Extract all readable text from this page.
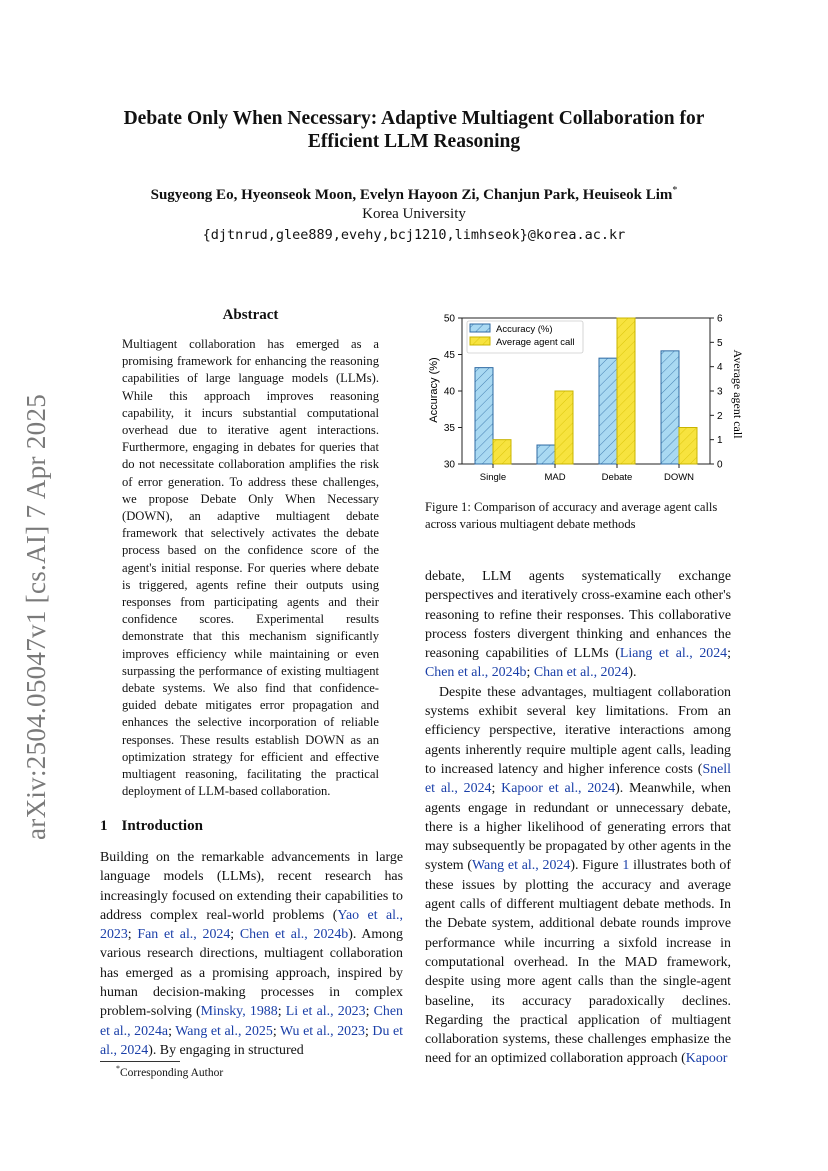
arXiv:2504.05047v1 [cs.AI] 7 Apr 2025
Debate Only When Necessary: Adaptive Multiagent Collaboration for
Efficient LLM Reasoning
Sugyeong Eo, Hyeonseok Moon, Evelyn Hayoon Zi, Chanjun Park, Heuiseok Lim*
Korea University
{djtnrud,glee889,evehy,bcj1210,limhseok}@korea.ac.kr
Abstract
Multiagent collaboration has emerged as a promising framework for enhancing the reasoning capabilities of large language models (LLMs). While this approach improves reasoning capability, it incurs substantial computational overhead due to iterative agent interactions. Furthermore, engaging in debates for queries that do not necessitate collaboration amplifies the risk of error generation. To address these challenges, we propose Debate Only When Necessary (DOWN), an adaptive multiagent debate framework that selectively activates the debate process based on the confidence score of the agent's initial response. For queries where debate is triggered, agents refine their outputs using responses from participating agents and their confidence scores. Experimental results demonstrate that this mechanism significantly improves efficiency while maintaining or even surpassing the performance of existing multiagent debate systems. We also find that confidence-guided debate mitigates error propagation and enhances the selective incorporation of reliable responses. These results establish DOWN as an optimization strategy for efficient and effective multiagent reasoning, facilitating the practical deployment of LLM-based collaboration.
1 Introduction
Building on the remarkable advancements in large language models (LLMs), recent research has increasingly focused on extending their capabilities to address complex real-world problems (Yao et al., 2023; Fan et al., 2024; Chen et al., 2024b). Among various research directions, multiagent collaboration has emerged as a promising approach, inspired by human decision-making processes in complex problem-solving (Minsky, 1988; Li et al., 2023; Chen et al., 2024a; Wang et al., 2025; Wu et al., 2023; Du et al., 2024). By engaging in structured
*Corresponding Author
30
35
40
45
50
0
1
2
3
4
5
6
Single	MAD	Debate	DOWN
Accuracy (%)
Average agent call
Accuracy (%)	Average agent call
Figure 1: Comparison of accuracy and average agent calls across various multiagent debate methods

debate, LLM agents systematically exchange perspectives and iteratively cross-examine each other's reasoning to refine their responses. This collaborative process fosters divergent thinking and enhances the reasoning capabilities of LLMs (Liang et al., 2024; Chen et al., 2024b; Chan et al., 2024).

Despite these advantages, multiagent collaboration systems exhibit several key limitations. From an efficiency perspective, iterative interactions among agents inherently require multiple agent calls, leading to increased latency and higher inference costs (Snell et al., 2024; Kapoor et al., 2024). Meanwhile, when agents engage in redundant or unnecessary debate, there is a higher likelihood of generating errors that may subsequently be propagated by other agents in the system (Wang et al., 2024). Figure 1 illustrates both of these issues by plotting the accuracy and average agent calls of different multiagent debate methods. In the Debate system, additional debate rounds improve performance while incurring a sixfold increase in computational overhead. In the MAD framework, despite using more agent calls than the single-agent baseline, its accuracy paradoxically declines. Regarding the practical application of multiagent collaboration systems, these challenges emphasize the need for an optimized collaboration approach (Kapoor
